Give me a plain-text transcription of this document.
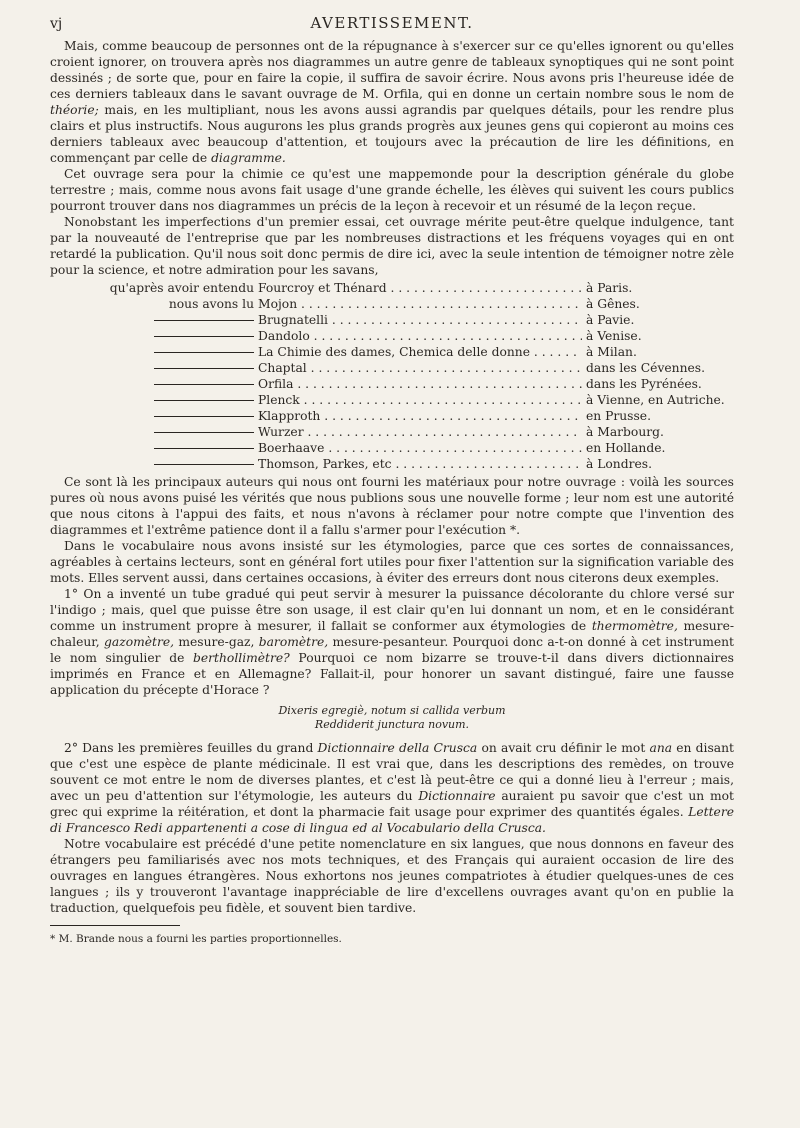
vj	AVERTISSEMENT.

Mais, comme beaucoup de personnes ont de la répugnance à s'exercer sur ce qu'elles ignorent ou qu'elles croient ignorer, on trouvera après nos diagrammes un autre genre de tableaux synoptiques qui ne sont point dessinés ; de sorte que, pour en faire la copie, il suffira de savoir écrire. Nous avons pris l'heureuse idée de ces derniers tableaux dans le savant ouvrage de M. Orfila, qui en donne un certain nombre sous le nom de théorie; mais, en les multipliant, nous les avons aussi agrandis par quelques détails, pour les rendre plus clairs et plus instructifs. Nous augurons les plus grands progrès aux jeunes gens qui copieront au moins ces derniers tableaux avec beaucoup d'attention, et toujours avec la précaution de lire les définitions, en commençant par celle de diagramme.

Cet ouvrage sera pour la chimie ce qu'est une mappemonde pour la description générale du globe terrestre ; mais, comme nous avons fait usage d'une grande échelle, les élèves qui suivent les cours publics pourront trouver dans nos diagrammes un précis de la leçon à recevoir et un résumé de la leçon reçue.

Nonobstant les imperfections d'un premier essai, cet ouvrage mérite peut-être quelque indulgence, tant par la nouveauté de l'entreprise que par les nombreuses distractions et les fréquens voyages qui en ont retardé la publication. Qu'il nous soit donc permis de dire ici, avec la seule intention de témoigner notre zèle pour la science, et notre admiration pour les savans,

qu'après avoir entendu Fourcroy et Thénard . . .	à Paris.
nous avons lu Mojon . . .	à Gênes.
Brugnatelli . . .	à Pavie.
Dandolo . . .	à Venise.
La Chimie des dames, Chemica delle donne . . .	à Milan.
Chaptal . . .	dans les Cévennes.
Orfila . . .	dans les Pyrénées.
Plenck . . .	à Vienne, en Autriche.
Klapproth . . .	en Prusse.
Wurzer . . .	à Marbourg.
Boerhaave . . .	en Hollande.
Thomson, Parkes, etc . . .	à Londres.

Ce sont là les principaux auteurs qui nous ont fourni les matériaux pour notre ouvrage : voilà les sources pures où nous avons puisé les vérités que nous publions sous une nouvelle forme ; leur nom est une autorité que nous citons à l'appui des faits, et nous n'avons à réclamer pour notre compte que l'invention des diagrammes et l'extrême patience dont il a fallu s'armer pour l'exécution *.

Dans le vocabulaire nous avons insisté sur les étymologies, parce que ces sortes de connaissances, agréables à certains lecteurs, sont en général fort utiles pour fixer l'attention sur la signification variable des mots. Elles servent aussi, dans certaines occasions, à éviter des erreurs dont nous citerons deux exemples.

1° On a inventé un tube gradué qui peut servir à mesurer la puissance décolorante du chlore versé sur l'indigo ; mais, quel que puisse être son usage, il est clair qu'en lui donnant un nom, et en le considérant comme un instrument propre à mesurer, il fallait se conformer aux étymologies de thermomètre, mesure-chaleur, gazomètre, mesure-gaz, baromètre, mesure-pesanteur. Pourquoi donc a-t-on donné à cet instrument le nom singulier de berthollimètre? Pourquoi ce nom bizarre se trouve-t-il dans divers dictionnaires imprimés en France et en Allemagne? Fallait-il, pour honorer un savant distingué, faire une fausse application du précepte d'Horace ?

Dixeris egregiè, notum si callida verbum
Reddiderit junctura novum.

2° Dans les premières feuilles du grand Dictionnaire della Crusca on avait cru définir le mot ana en disant que c'est une espèce de plante médicinale. Il est vrai que, dans les descriptions des remèdes, on trouve souvent ce mot entre le nom de diverses plantes, et c'est là peut-être ce qui a donné lieu à l'erreur ; mais, avec un peu d'attention sur l'étymologie, les auteurs du Dictionnaire auraient pu savoir que c'est un mot grec qui exprime la réitération, et dont la pharmacie fait usage pour exprimer des quantités égales. Lettere di Francesco Redi appartenenti a cose di lingua ed al Vocabulario della Crusca.

Notre vocabulaire est précédé d'une petite nomenclature en six langues, que nous donnons en faveur des étrangers peu familiarisés avec nos mots techniques, et des Français qui auraient occasion de lire des ouvrages en langues étrangères. Nous exhortons nos jeunes compatriotes à étudier quelques-unes de ces langues ; ils y trouveront l'avantage inappréciable de lire d'excellens ouvrages avant qu'on en publie la traduction, quelquefois peu fidèle, et souvent bien tardive.

* M. Brande nous a fourni les parties proportionnelles.
